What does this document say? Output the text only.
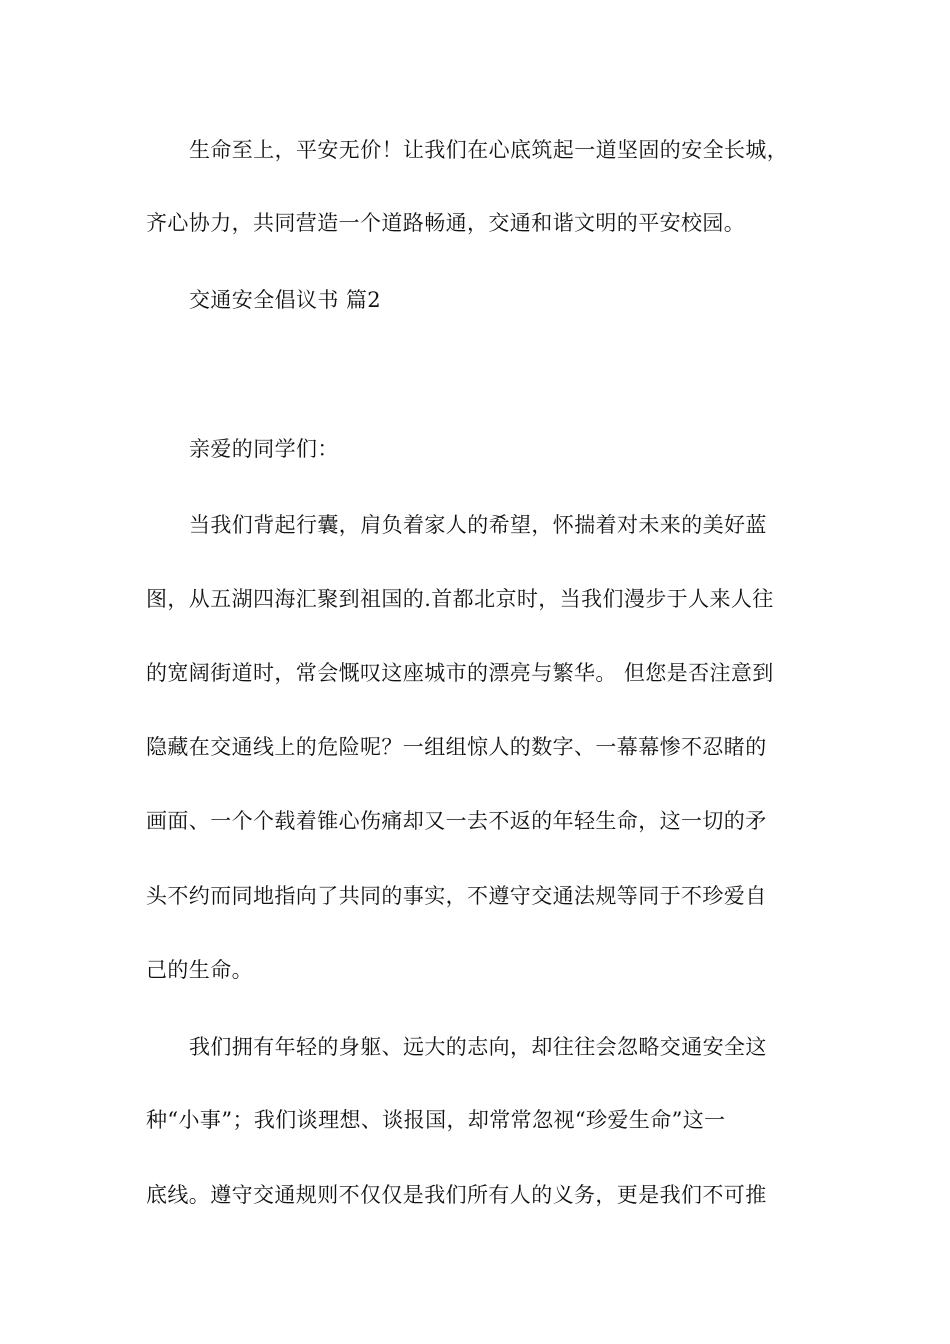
生命至上，平安无价！让我们在心底筑起一道坚固的安全长城，

齐心协力，共同营造一个道路畅通，交通和谐文明的平安校园。

交通安全倡议书 篇2

亲爱的同学们：

当我们背起行囊，肩负着家人的希望，怀揣着对未来的美好蓝

图，从五湖四海汇聚到祖国的.首都北京时，当我们漫步于人来人往

的宽阔街道时，常会慨叹这座城市的漂亮与繁华。 但您是否注意到

隐藏在交通线上的危险呢？一组组惊人的数字、一幕幕惨不忍睹的

画面、一个个载着锥心伤痛却又一去不返的年轻生命，这一切的矛

头不约而同地指向了共同的事实，不遵守交通法规等同于不珍爱自

己的生命。

我们拥有年轻的身躯、远大的志向，却往往会忽略交通安全这

种“小事”；我们谈理想、谈报国，却常常忽视“珍爱生命”这一

底线。遵守交通规则不仅仅是我们所有人的义务，更是我们不可推
